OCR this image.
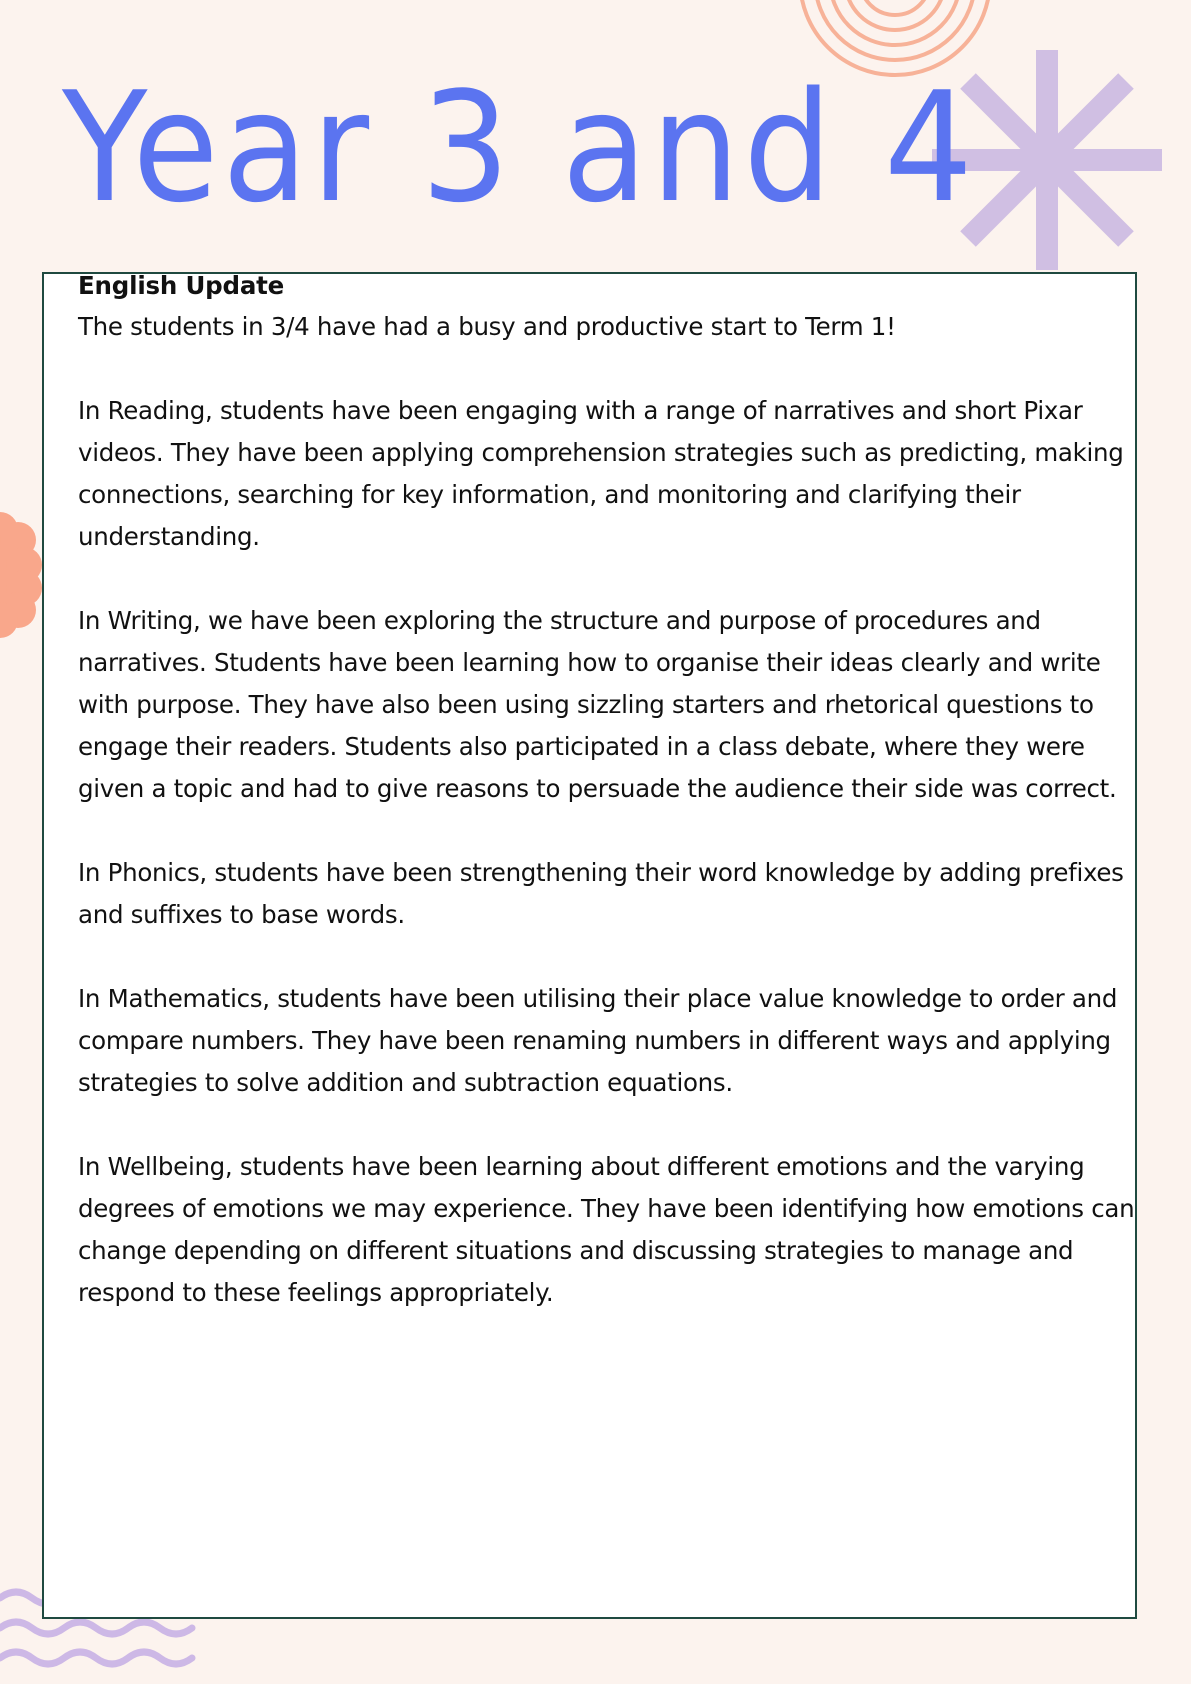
Year 3 and 4
English Update

The students in 3/4 have had a busy and productive start to Term 1!

In Reading, students have been engaging with a range of narratives and short Pixar videos. They have been applying comprehension strategies such as predicting, making connections, searching for key information, and monitoring and clarifying their understanding.

In Writing, we have been exploring the structure and purpose of procedures and narratives. Students have been learning how to organise their ideas clearly and write with purpose. They have also been using sizzling starters and rhetorical questions to engage their readers. Students also participated in a class debate, where they were given a topic and had to give reasons to persuade the audience their side was correct.

In Phonics, students have been strengthening their word knowledge by adding prefixes and suffixes to base words.

In Mathematics, students have been utilising their place value knowledge to order and compare numbers. They have been renaming numbers in different ways and applying strategies to solve addition and subtraction equations.

In Wellbeing, students have been learning about different emotions and the varying degrees of emotions we may experience. They have been identifying how emotions can change depending on different situations and discussing strategies to manage and respond to these feelings appropriately.
